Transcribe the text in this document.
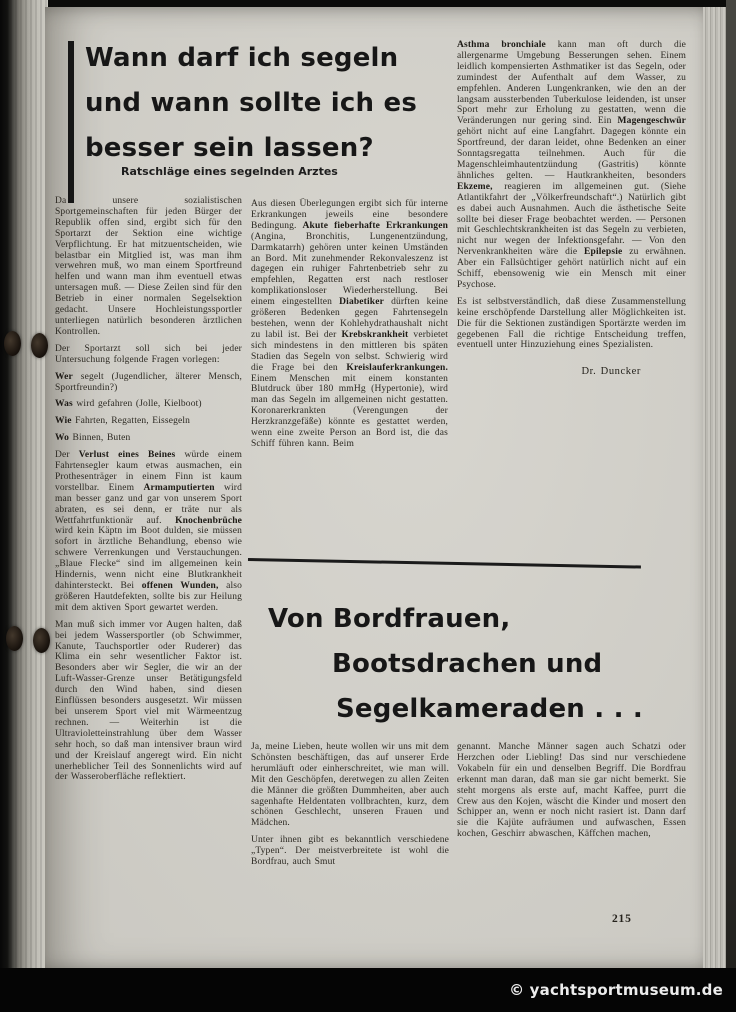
Wann darf ich segeln
und wann sollte ich es
besser sein lassen?
Ratschläge eines segelnden Arztes

Da unsere sozialistischen Sportgemeinschaften für jeden Bürger der Republik offen sind, ergibt sich für den Sportarzt der Sektion eine wichtige Verpflichtung. Er hat mitzuentscheiden, wie belastbar ein Mitglied ist, was man ihm verwehren muß, wo man einem Sportfreund helfen und wann man ihm eventuell etwas untersagen muß. — Diese Zeilen sind für den Betrieb in einer normalen Segelsektion gedacht. Unsere Hochleistungssportler unterliegen natürlich besonderen ärztlichen Kontrollen.

Der Sportarzt soll sich bei jeder Untersuchung folgende Fragen vorlegen:

Wer segelt (Jugendlicher, älterer Mensch, Sportfreundin?)

Was wird gefahren (Jolle, Kielboot)

Wie Fahrten, Regatten, Eissegeln

Wo Binnen, Buten

Der Verlust eines Beines würde einem Fahrtensegler kaum etwas ausmachen, ein Prothesenträger in einem Finn ist kaum vorstellbar. Einem Armamputierten wird man besser ganz und gar von unserem Sport abraten, es sei denn, er träte nur als Wettfahrtfunktionär auf. Knochenbrüche wird kein Käptn im Boot dulden, sie müssen sofort in ärztliche Behandlung, ebenso wie schwere Verrenkungen und Verstauchungen. „Blaue Flecke“ sind im allgemeinen kein Hindernis, wenn nicht eine Blutkrankheit dahintersteckt. Bei offenen Wunden, also größeren Hautdefekten, sollte bis zur Heilung mit dem aktiven Sport gewartet werden.

Man muß sich immer vor Augen halten, daß bei jedem Wassersportler (ob Schwimmer, Kanute, Tauchsportler oder Ruderer) das Klima ein sehr wesentlicher Faktor ist. Besonders aber wir Segler, die wir an der Luft-Wasser-Grenze unser Betätigungsfeld durch den Wind haben, sind diesen Einflüssen besonders ausgesetzt. Wir müssen bei unserem Sport viel mit Wärmeentzug rechnen. — Weiterhin ist die Ultravioletteinstrahlung über dem Wasser sehr hoch, so daß man intensiver braun wird und der Kreislauf angeregt wird. Ein nicht unerheblicher Teil des Sonnenlichts wird auf der Wasseroberfläche reflektiert.

Aus diesen Überlegungen ergibt sich für interne Erkrankungen jeweils eine besondere Bedingung. Akute fieberhafte Erkrankungen (Angina, Bronchitis, Lungenentzündung, Darmkatarrh) gehören unter keinen Umständen an Bord. Mit zunehmender Rekonvaleszenz ist dagegen ein ruhiger Fahrtenbetrieb sehr zu empfehlen, Regatten erst nach restloser komplikationsloser Wiederherstellung. Bei einem eingestellten Diabetiker dürften keine größeren Bedenken gegen Fahrtensegeln bestehen, wenn der Kohlehydrathaushalt nicht zu labil ist. Bei der Krebskrankheit verbietet sich mindestens in den mittleren bis späten Stadien das Segeln von selbst. Schwierig wird die Frage bei den Kreislauferkrankungen. Einem Menschen mit einem konstanten Blutdruck über 180 mmHg (Hypertonie), wird man das Segeln im allgemeinen nicht gestatten. Koronarerkrankten (Verengungen der Herzkranzgefäße) könnte es gestattet werden, wenn eine zweite Person an Bord ist, die das Schiff führen kann. Beim

Asthma bronchiale kann man oft durch die allergenarme Umgebung Besserungen sehen. Einem leidlich kompensierten Asthmatiker ist das Segeln, oder zumindest der Aufenthalt auf dem Wasser, zu empfehlen. Anderen Lungenkranken, wie den an der langsam aussterbenden Tuberkulose leidenden, ist unser Sport mehr zur Erholung zu gestatten, wenn die Veränderungen nur gering sind. Ein Magengeschwür gehört nicht auf eine Langfahrt. Dagegen könnte ein Sportfreund, der daran leidet, ohne Bedenken an einer Sonntagsregatta teilnehmen. Auch für die Magenschleimhautentzündung (Gastritis) könnte ähnliches gelten. — Hautkrankheiten, besonders Ekzeme, reagieren im allgemeinen gut. (Siehe Atlantikfahrt der „Völkerfreundschaft“.) Natürlich gibt es dabei auch Ausnahmen. Auch die ästhetische Seite sollte bei dieser Frage beobachtet werden. — Personen mit Geschlechtskrankheiten ist das Segeln zu verbieten, nicht nur wegen der Infektionsgefahr. — Von den Nervenkrankheiten wäre die Epilepsie zu erwähnen. Aber ein Fallsüchtiger gehört natürlich nicht auf ein Schiff, ebensowenig wie ein Mensch mit einer Psychose.

Es ist selbstverständlich, daß diese Zusammenstellung keine erschöpfende Darstellung aller Möglichkeiten ist. Die für die Sektionen zuständigen Sportärzte werden im gegebenen Fall die richtige Entscheidung treffen, eventuell unter Hinzuziehung eines Spezialisten.

Dr. Duncker
Von Bordfrauen,
Bootsdrachen und
Segelkameraden . . .

Ja, meine Lieben, heute wollen wir uns mit dem Schönsten beschäftigen, das auf unserer Erde herumläuft oder einherschreitet, wie man will. Mit den Geschöpfen, deretwegen zu allen Zeiten die Männer die größten Dummheiten, aber auch sagenhafte Heldentaten vollbrachten, kurz, dem schönen Geschlecht, unseren Frauen und Mädchen.

Unter ihnen gibt es bekanntlich verschiedene „Typen“. Der meistverbreitete ist wohl die Bordfrau, auch Smut

genannt. Manche Männer sagen auch Schatzi oder Herzchen oder Liebling! Das sind nur verschiedene Vokabeln für ein und denselben Begriff. Die Bordfrau erkennt man daran, daß man sie gar nicht bemerkt. Sie steht morgens als erste auf, macht Kaffee, purrt die Crew aus den Kojen, wäscht die Kinder und mosert den Schipper an, wenn er noch nicht rasiert ist. Dann darf sie die Kajüte aufräumen und aufwaschen, Essen kochen, Geschirr abwaschen, Käffchen machen,

215
© yachtsportmuseum.de
